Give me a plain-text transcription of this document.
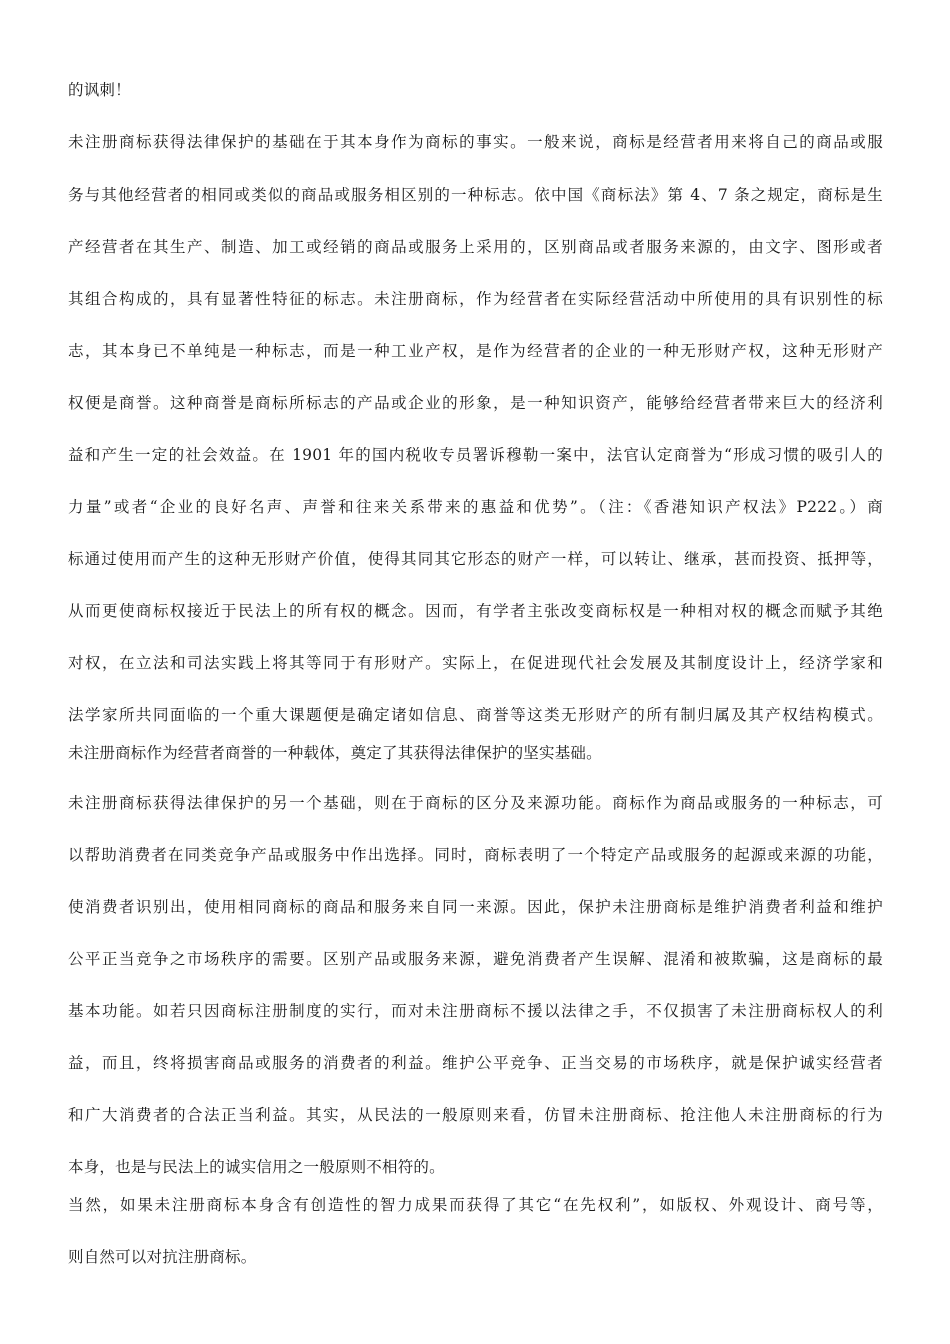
的讽刺！
未注册商标获得法律保护的基础在于其本身作为商标的事实。一般来说，商标是经营者用来将自己的商品或服
务与其他经营者的相同或类似的商品或服务相区别的一种标志。依中国《商标法》第 4、7 条之规定，商标是生
产经营者在其生产、制造、加工或经销的商品或服务上采用的，区别商品或者服务来源的，由文字、图形或者
其组合构成的，具有显著性特征的标志。未注册商标，作为经营者在实际经营活动中所使用的具有识别性的标
志，其本身已不单纯是一种标志，而是一种工业产权，是作为经营者的企业的一种无形财产权，这种无形财产
权便是商誉。这种商誉是商标所标志的产品或企业的形象，是一种知识资产，能够给经营者带来巨大的经济利
益和产生一定的社会效益。在 1901 年的国内税收专员署诉穆勒一案中，法官认定商誉为“形成习惯的吸引人的
力量”或者“企业的良好名声、声誉和往来关系带来的惠益和优势”。（注：《香港知识产权法》P222。）商
标通过使用而产生的这种无形财产价值，使得其同其它形态的财产一样，可以转让、继承，甚而投资、抵押等，
从而更使商标权接近于民法上的所有权的概念。因而，有学者主张改变商标权是一种相对权的概念而赋予其绝
对权，在立法和司法实践上将其等同于有形财产。实际上，在促进现代社会发展及其制度设计上，经济学家和
法学家所共同面临的一个重大课题便是确定诸如信息、商誉等这类无形财产的所有制归属及其产权结构模式。
未注册商标作为经营者商誉的一种载体，奠定了其获得法律保护的坚实基础。
未注册商标获得法律保护的另一个基础，则在于商标的区分及来源功能。商标作为商品或服务的一种标志，可
以帮助消费者在同类竞争产品或服务中作出选择。同时，商标表明了一个特定产品或服务的起源或来源的功能，
使消费者识别出，使用相同商标的商品和服务来自同一来源。因此，保护未注册商标是维护消费者利益和维护
公平正当竞争之市场秩序的需要。区别产品或服务来源，避免消费者产生误解、混淆和被欺骗，这是商标的最
基本功能。如若只因商标注册制度的实行，而对未注册商标不援以法律之手，不仅损害了未注册商标权人的利
益，而且，终将损害商品或服务的消费者的利益。维护公平竞争、正当交易的市场秩序，就是保护诚实经营者
和广大消费者的合法正当利益。其实，从民法的一般原则来看，仿冒未注册商标、抢注他人未注册商标的行为
本身，也是与民法上的诚实信用之一般原则不相符的。
当然，如果未注册商标本身含有创造性的智力成果而获得了其它“在先权利”，如版权、外观设计、商号等，
则自然可以对抗注册商标。
